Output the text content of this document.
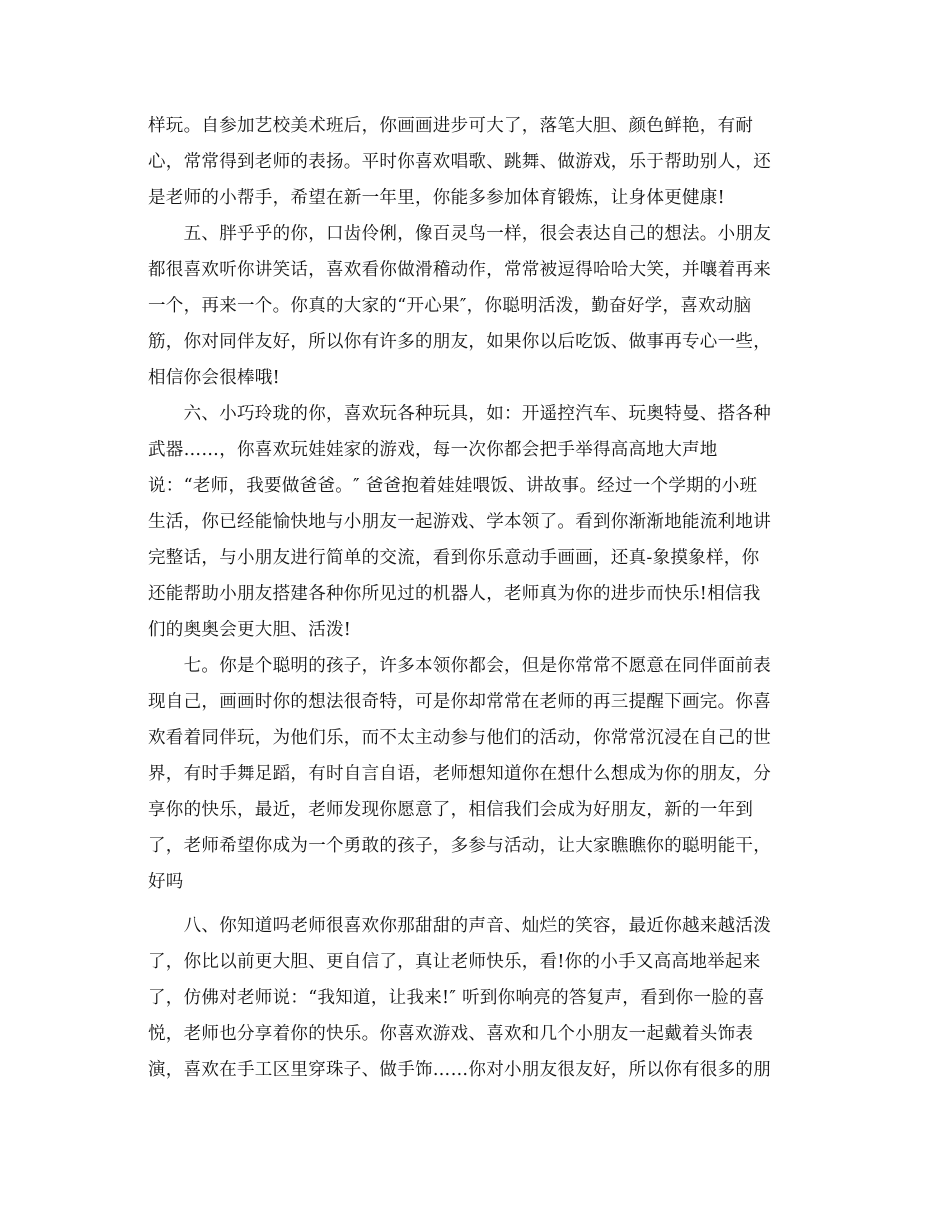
样玩。自参加艺校美术班后，你画画进步可大了，落笔大胆、颜色鲜艳，有耐
心，常常得到老师的表扬。平时你喜欢唱歌、跳舞、做游戏，乐于帮助别人，还
是老师的小帮手，希望在新一年里，你能多参加体育锻炼，让身体更健康!
　　五、胖乎乎的你，口齿伶俐，像百灵鸟一样，很会表达自己的想法。小朋友
都很喜欢听你讲笑话，喜欢看你做滑稽动作，常常被逗得哈哈大笑，并嚷着再来
一个，再来一个。你真的大家的“开心果″，你聪明活泼，勤奋好学，喜欢动脑
筋，你对同伴友好，所以你有许多的朋友，如果你以后吃饭、做事再专心一些，
相信你会很棒哦!
　　六、小巧玲珑的你，喜欢玩各种玩具，如：开遥控汽车、玩奥特曼、搭各种
武器……，你喜欢玩娃娃家的游戏，每一次你都会把手举得高高地大声地
说：“老师，我要做爸爸。″ 爸爸抱着娃娃喂饭、讲故事。经过一个学期的小班
生活，你已经能愉快地与小朋友一起游戏、学本领了。看到你渐渐地能流利地讲
完整话，与小朋友进行简单的交流，看到你乐意动手画画，还真-象摸象样，你
还能帮助小朋友搭建各种你所见过的机器人，老师真为你的进步而快乐!相信我
们的奥奥会更大胆、活泼!
　　七。你是个聪明的孩子，许多本领你都会，但是你常常不愿意在同伴面前表
现自己，画画时你的想法很奇特，可是你却常常在老师的再三提醒下画完。你喜
欢看着同伴玩，为他们乐，而不太主动参与他们的活动，你常常沉浸在自己的世
界，有时手舞足蹈，有时自言自语，老师想知道你在想什么想成为你的朋友，分
享你的快乐，最近，老师发现你愿意了，相信我们会成为好朋友，新的一年到
了，老师希望你成为一个勇敢的孩子，多参与活动，让大家瞧瞧你的聪明能干，
好吗
　　八、你知道吗老师很喜欢你那甜甜的声音、灿烂的笑容，最近你越来越活泼
了，你比以前更大胆、更自信了，真让老师快乐，看!你的小手又高高地举起来
了，仿佛对老师说：“我知道，让我来!″ 听到你响亮的答复声，看到你一脸的喜
悦，老师也分享着你的快乐。你喜欢游戏、喜欢和几个小朋友一起戴着头饰表
演，喜欢在手工区里穿珠子、做手饰……你对小朋友很友好，所以你有很多的朋
